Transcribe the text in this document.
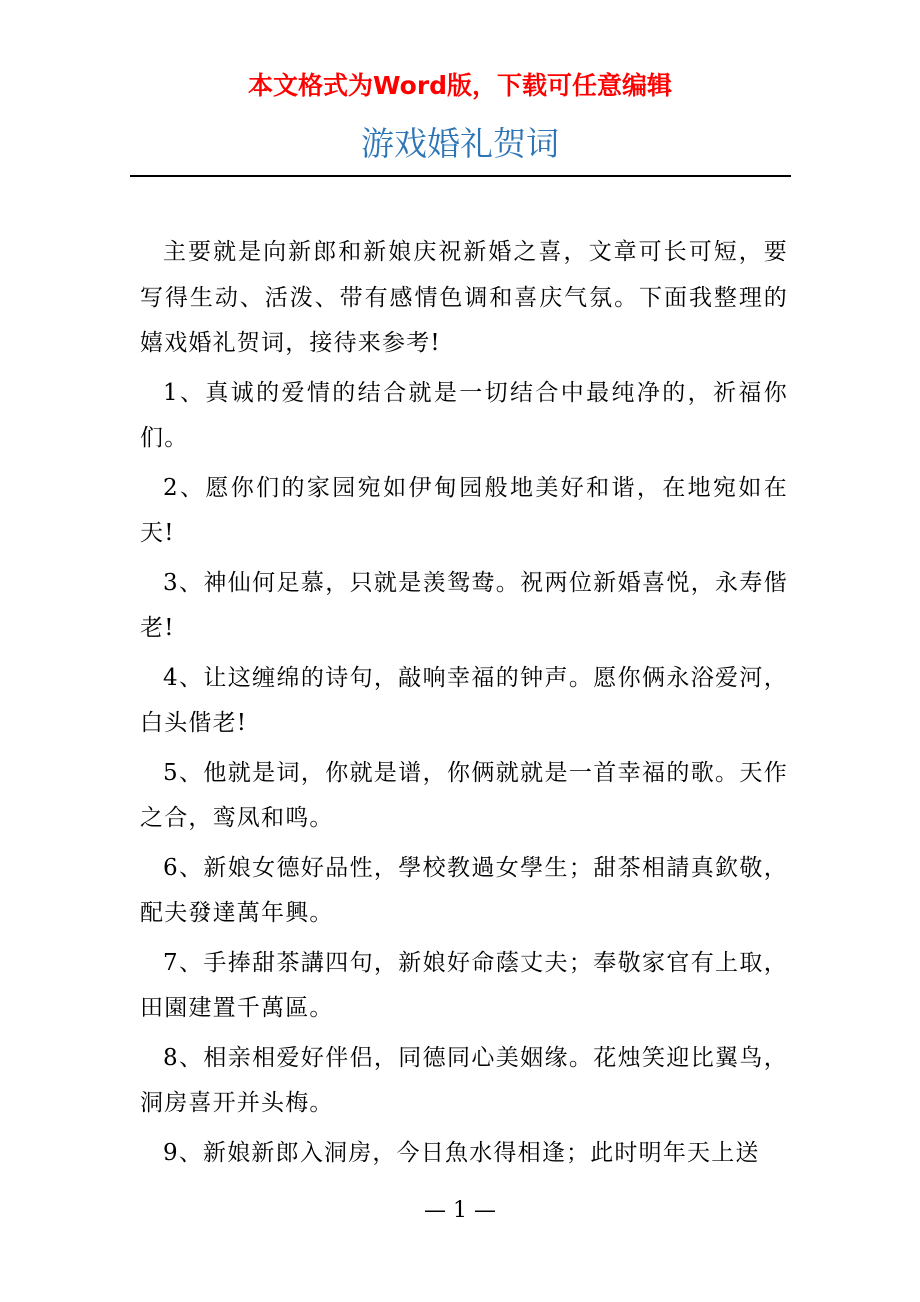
本文格式为Word版，下载可任意编辑
游戏婚礼贺词

主要就是向新郎和新娘庆祝新婚之喜，文章可长可短，要写得生动、活泼、带有感情色调和喜庆气氛。下面我整理的嬉戏婚礼贺词，接待来参考!

1、真诚的爱情的结合就是一切结合中最纯净的，祈福你们。

2、愿你们的家园宛如伊甸园般地美好和谐，在地宛如在天!

3、神仙何足慕，只就是羡鸳鸯。祝两位新婚喜悦，永寿偕老!

4、让这缠绵的诗句，敲响幸福的钟声。愿你俩永浴爱河，白头偕老!

5、他就是词，你就是谱，你俩就就是一首幸福的歌。天作之合，鸾凤和鸣。

6、新娘女德好品性，學校教過女學生；甜茶相請真欽敬，配夫發達萬年興。

7、手捧甜茶講四句，新娘好命蔭丈夫；奉敬家官有上取，田園建置千萬區。

8、相亲相爱好伴侣，同德同心美姻缘。花烛笑迎比翼鸟，洞房喜开并头梅。

9、新娘新郎入洞房，今日魚水得相逢；此时明年天上送

— 1 —
